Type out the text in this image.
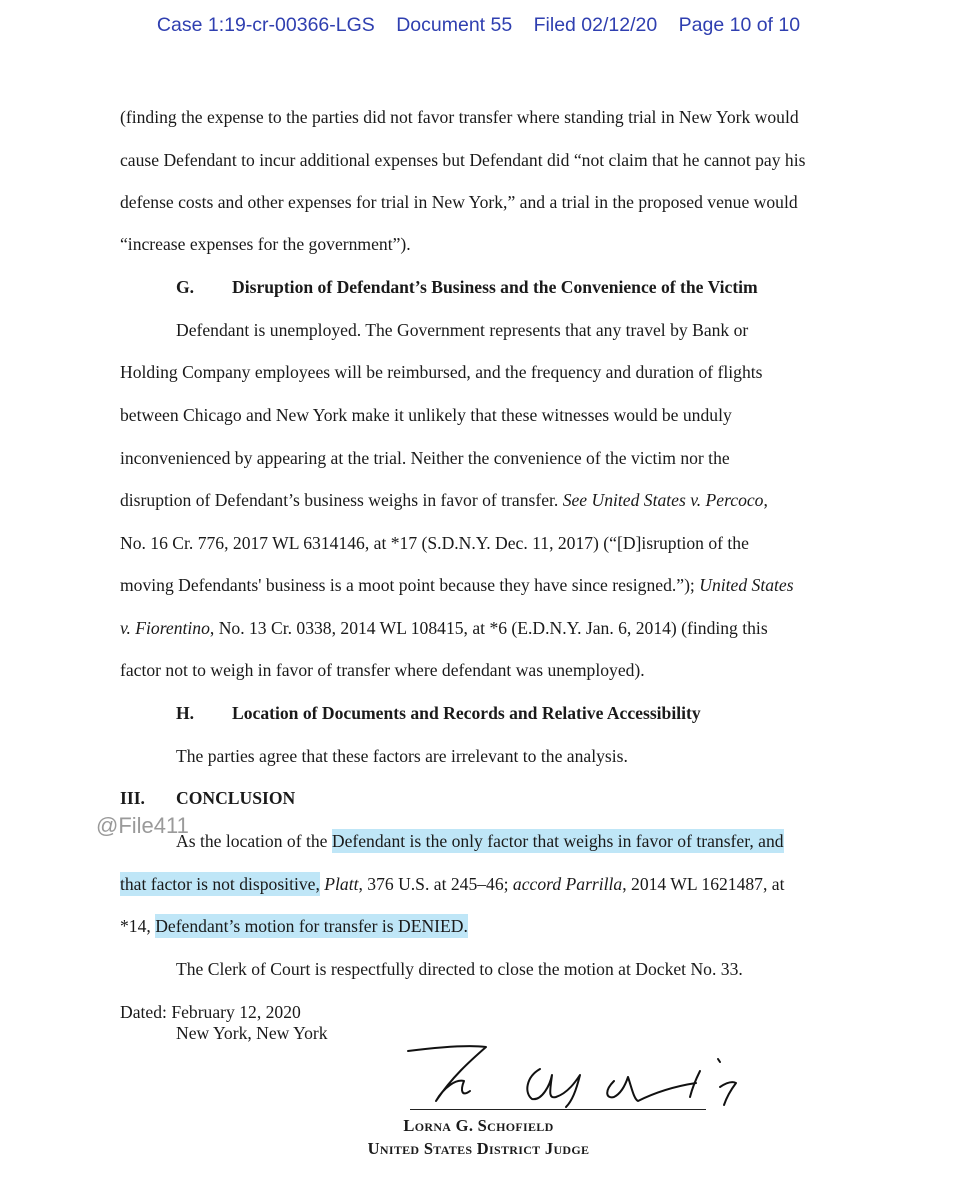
Case 1:19-cr-00366-LGS Document 55 Filed 02/12/20 Page 10 of 10
(finding the expense to the parties did not favor transfer where standing trial in New York would
cause Defendant to incur additional expenses but Defendant did “not claim that he cannot pay his
defense costs and other expenses for trial in New York,” and a trial in the proposed venue would
“increase expenses for the government”).
G. Disruption of Defendant’s Business and the Convenience of the Victim
Defendant is unemployed. The Government represents that any travel by Bank or
Holding Company employees will be reimbursed, and the frequency and duration of flights
between Chicago and New York make it unlikely that these witnesses would be unduly
inconvenienced by appearing at the trial. Neither the convenience of the victim nor the
disruption of Defendant’s business weighs in favor of transfer. See United States v. Percoco,
No. 16 Cr. 776, 2017 WL 6314146, at *17 (S.D.N.Y. Dec. 11, 2017) (“[D]isruption of the
moving Defendants' business is a moot point because they have since resigned.”); United States
v. Fiorentino, No. 13 Cr. 0338, 2014 WL 108415, at *6 (E.D.N.Y. Jan. 6, 2014) (finding this
factor not to weigh in favor of transfer where defendant was unemployed).
H. Location of Documents and Records and Relative Accessibility
The parties agree that these factors are irrelevant to the analysis.
III. CONCLUSION
@File411
As the location of the Defendant is the only factor that weighs in favor of transfer, and
that factor is not dispositive, Platt, 376 U.S. at 245–46; accord Parrilla, 2014 WL 1621487, at
*14, Defendant’s motion for transfer is DENIED.
The Clerk of Court is respectfully directed to close the motion at Docket No. 33.
Dated: February 12, 2020
New York, New York
Lorna G. Schofield
United States District Judge
